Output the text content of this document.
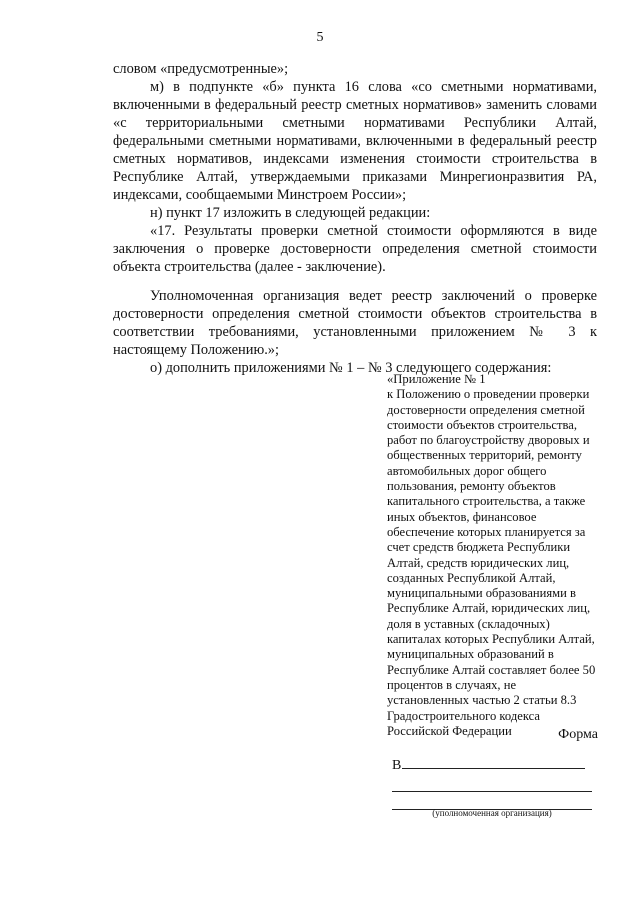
5

словом «предусмотренные»;

м) в подпункте «б» пункта 16 слова «со сметными нормативами, включенными в федеральный реестр сметных нормативов» заменить словами «с территориальными сметными нормативами Республики Алтай, федеральными сметными нормативами, включенными в федеральный реестр сметных нормативов, индексами изменения стоимости строительства в Республике Алтай, утверждаемыми приказами Минрегионразвития РА, индексами, сообщаемыми Минстроем России»;

н) пункт 17 изложить в следующей редакции:

«17. Результаты проверки сметной стоимости оформляются в виде заключения о проверке достоверности определения сметной стоимости объекта строительства (далее - заключение).

Уполномоченная организация ведет реестр заключений о проверке достоверности определения сметной стоимости объектов строительства в соответствии требованиями, установленными приложением № 3 к настоящему Положению.»;

о) дополнить приложениями № 1 – № 3 следующего содержания:

«Приложение № 1

к Положению о проведении проверки достоверности определения сметной стоимости объектов строительства, работ по благоустройству дворовых и общественных территорий, ремонту автомобильных дорог общего пользования, ремонту объектов капитального строительства, а также иных объектов, финансовое обеспечение которых планируется за счет средств бюджета Республики Алтай, средств юридических лиц, созданных Республикой Алтай, муниципальными образованиями в Республике Алтай, юридических лиц, доля в уставных (складочных) капиталах которых Республики Алтай, муниципальных образований в Республике Алтай составляет более 50 процентов в случаях, не установленных частью 2 статьи 8.3 Градостроительного кодекса Российской Федерации	Форма
В
(уполномоченная организация)
